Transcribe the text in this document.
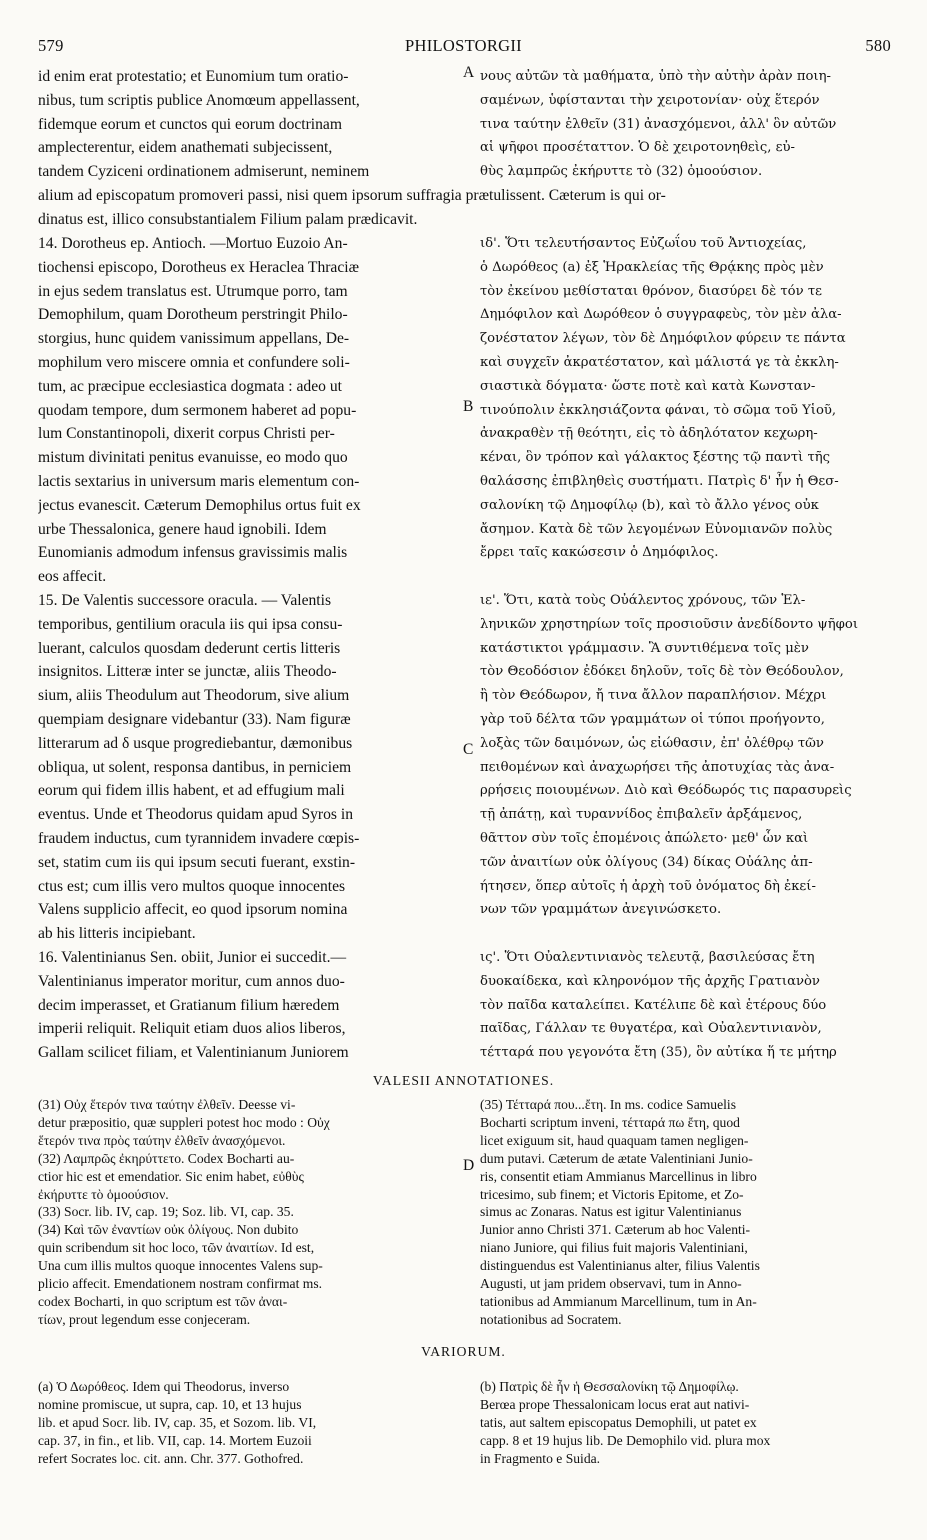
579	PHILOSTORGII	580
A
B
C
D
id enim erat protestatio; et Eunomium tum oratio-
nibus, tum scriptis publice Anomœum appellassent,
fidemque eorum et cunctos qui eorum doctrinam
amplecterentur, eidem anathemati subjecissent,
tandem Cyziceni ordinationem admiserunt, neminem
νους αὐτῶν τὰ μαθήματα, ὑπὸ τὴν αὐτὴν ἀρὰν ποιη-
σαμένων, ὑφίστανται τὴν χειροτονίαν· οὐχ ἕτερόν
τινα ταύτην ἐλθεῖν (31) ἀνασχόμενοι, ἀλλ' ὃν αὐτῶν
αἱ ψῆφοι προσέταττον. Ὁ δὲ χειροτονηθεὶς, εὐ-
θὺς λαμπρῶς ἐκήρυττε τὸ (32) ὁμοούσιον.
alium ad episcopatum promoveri passi, nisi quem ipsorum suffragia prætulissent. Cæterum is qui or-
dinatus est, illico consubstantialem Filium palam prædicavit.
14. Dorotheus ep. Antioch. —Mortuo Euzoio An-
tiochensi episcopo, Dorotheus ex Heraclea Thraciæ
in ejus sedem translatus est. Utrumque porro, tam
Demophilum, quam Dorotheum perstringit Philo-
storgius, hunc quidem vanissimum appellans, De-
mophilum vero miscere omnia et confundere soli-
tum, ac præcipue ecclesiastica dogmata : adeo ut
quodam tempore, dum sermonem haberet ad popu-
lum Constantinopoli, dixerit corpus Christi per-
mistum divinitati penitus evanuisse, eo modo quo
lactis sextarius in universum maris elementum con-
jectus evanescit. Cæterum Demophilus ortus fuit ex
urbe Thessalonica, genere haud ignobili. Idem
Eunomianis admodum infensus gravissimis malis
eos affecit.
15. De Valentis successore oracula. — Valentis
temporibus, gentilium oracula iis qui ipsa consu-
luerant, calculos quosdam dederunt certis litteris
insignitos. Litteræ inter se junctæ, aliis Theodo-
sium, aliis Theodulum aut Theodorum, sive alium
quempiam designare videbantur (33). Nam figuræ
litterarum ad δ usque progrediebantur, dæmonibus
obliqua, ut solent, responsa dantibus, in perniciem
eorum qui fidem illis habent, et ad effugium mali
eventus. Unde et Theodorus quidam apud Syros in
fraudem inductus, cum tyrannidem invadere cœpis-
set, statim cum iis qui ipsum secuti fuerant, exstin-
ctus est; cum illis vero multos quoque innocentes
Valens supplicio affecit, eo quod ipsorum nomina
ab his litteris incipiebant.
16. Valentinianus Sen. obiit, Junior ei succedit.—
Valentinianus imperator moritur, cum annos duo-
decim imperasset, et Gratianum filium hæredem
imperii reliquit. Reliquit etiam duos alios liberos,
Gallam scilicet filiam, et Valentinianum Juniorem
ιδ'. Ὅτι τελευτήσαντος Εὐζωΐου τοῦ Ἀντιοχείας,
ὁ Δωρόθεος (a) ἐξ Ἡρακλείας τῆς Θρᾴκης πρὸς μὲν
τὸν ἐκείνου μεθίσταται θρόνον, διασύρει δὲ τόν τε
Δημόφιλον καὶ Δωρόθεον ὁ συγγραφεὺς, τὸν μὲν ἀλα-
ζονέστατον λέγων, τὸν δὲ Δημόφιλον φύρειν τε πάντα
καὶ συγχεῖν ἀκρατέστατον, καὶ μάλιστά γε τὰ ἐκκλη-
σιαστικὰ δόγματα· ὥστε ποτὲ καὶ κατὰ Κωνσταν-
τινούπολιν ἐκκλησιάζοντα φάναι, τὸ σῶμα τοῦ Υἱοῦ,
ἀνακραθὲν τῇ θεότητι, εἰς τὸ ἀδηλότατον κεχωρη-
κέναι, ὃν τρόπον καὶ γάλακτος ξέστης τῷ παντὶ τῆς
θαλάσσης ἐπιβληθεὶς συστήματι. Πατρὶς δ' ἦν ἡ Θεσ-
σαλονίκη τῷ Δημοφίλῳ (b), καὶ τὸ ἄλλο γένος οὐκ
ἄσημον. Κατὰ δὲ τῶν λεγομένων Εὐνομιανῶν πολὺς
ἔρρει ταῖς κακώσεσιν ὁ Δημόφιλος.

ιε'. Ὅτι, κατὰ τοὺς Οὐάλεντος χρόνους, τῶν Ἑλ-
ληνικῶν χρηστηρίων τοῖς προσιοῦσιν ἀνεδίδοντο ψῆφοι
κατάστικτοι γράμμασιν. Ἃ συντιθέμενα τοῖς μὲν
τὸν Θεοδόσιον ἐδόκει δηλοῦν, τοῖς δὲ τὸν Θεόδουλον,
ἢ τὸν Θεόδωρον, ἤ τινα ἄλλον παραπλήσιον. Μέχρι
γὰρ τοῦ δέλτα τῶν γραμμάτων οἱ τύποι προήγοντο,
λοξὰς τῶν δαιμόνων, ὡς εἰώθασιν, ἐπ' ὀλέθρῳ τῶν
πειθομένων καὶ ἀναχωρήσει τῆς ἀποτυχίας τὰς ἀνα-
ρρήσεις ποιουμένων. Διὸ καὶ Θεόδωρός τις παρασυρεὶς
τῇ ἀπάτῃ, καὶ τυραννίδος ἐπιβαλεῖν ἀρξάμενος,
θᾶττον σὺν τοῖς ἑπομένοις ἀπώλετο· μεθ' ὧν καὶ
τῶν ἀναιτίων οὐκ ὀλίγους (34) δίκας Οὐάλης ἀπ-
ήτησεν, ὅπερ αὐτοῖς ἡ ἀρχὴ τοῦ ὀνόματος δὴ ἐκεί-
νων τῶν γραμμάτων ἀνεγινώσκετο.

ις'. Ὅτι Οὐαλεντινιανὸς τελευτᾷ, βασιλεύσας ἔτη
δυοκαίδεκα, καὶ κληρονόμον τῆς ἀρχῆς Γρατιανὸν
τὸν παῖδα καταλείπει. Κατέλιπε δὲ καὶ ἑτέρους δύο
παῖδας, Γάλλαν τε θυγατέρα, καὶ Οὐαλεντινιανὸν,
τέτταρά που γεγονότα ἔτη (35), ὃν αὐτίκα ἥ τε μήτηρ
VALESII ANNOTATIONES.
(31) Οὐχ ἕτερόν τινα ταύτην ἐλθεῖν. Deesse vi-
detur præpositio, quæ suppleri potest hoc modo : Οὐχ
ἕτερόν τινα πρὸς ταύτην ἐλθεῖν ἀνασχόμενοι.
(32) Λαμπρῶς ἐκηρύττετο. Codex Bocharti au-
ctior hic est et emendatior. Sic enim habet, εὐθὺς
ἐκήρυττε τὸ ὁμοούσιον.
(33) Socr. lib. IV, cap. 19; Soz. lib. VI, cap. 35.
(34) Καὶ τῶν ἐναντίων οὐκ ὀλίγους. Non dubito
quin scribendum sit hoc loco, τῶν ἀναιτίων. Id est,
Una cum illis multos quoque innocentes Valens sup-
plicio affecit. Emendationem nostram confirmat ms.
codex Bocharti, in quo scriptum est τῶν ἀναι-
τίων, prout legendum esse conjeceram.
(35) Τέτταρά που...ἔτη. In ms. codice Samuelis
Bocharti scriptum inveni, τέτταρά πω ἔτη, quod
licet exiguum sit, haud quaquam tamen negligen-
dum putavi. Cæterum de ætate Valentiniani Junio-
ris, consentit etiam Ammianus Marcellinus in libro
tricesimo, sub finem; et Victoris Epitome, et Zo-
simus ac Zonaras. Natus est igitur Valentinianus
Junior anno Christi 371. Cæterum ab hoc Valenti-
niano Juniore, qui filius fuit majoris Valentiniani,
distinguendus est Valentinianus alter, filius Valentis
Augusti, ut jam pridem observavi, tum in Anno-
tationibus ad Ammianum Marcellinum, tum in An-
notationibus ad Socratem.
VARIORUM.
(a) Ὁ Δωρόθεος. Idem qui Theodorus, inverso
nomine promiscue, ut supra, cap. 10, et 13 hujus
lib. et apud Socr. lib. IV, cap. 35, et Sozom. lib. VI,
cap. 37, in fin., et lib. VII, cap. 14. Mortem Euzoii
refert Socrates loc. cit. ann. Chr. 377. Gothofred.
(b) Πατρὶς δὲ ἦν ἡ Θεσσαλονίκη τῷ Δημοφίλῳ.
Berœa prope Thessalonicam locus erat aut nativi-
tatis, aut saltem episcopatus Demophili, ut patet ex
capp. 8 et 19 hujus lib. De Demophilo vid. plura mox
in Fragmento e Suida.
